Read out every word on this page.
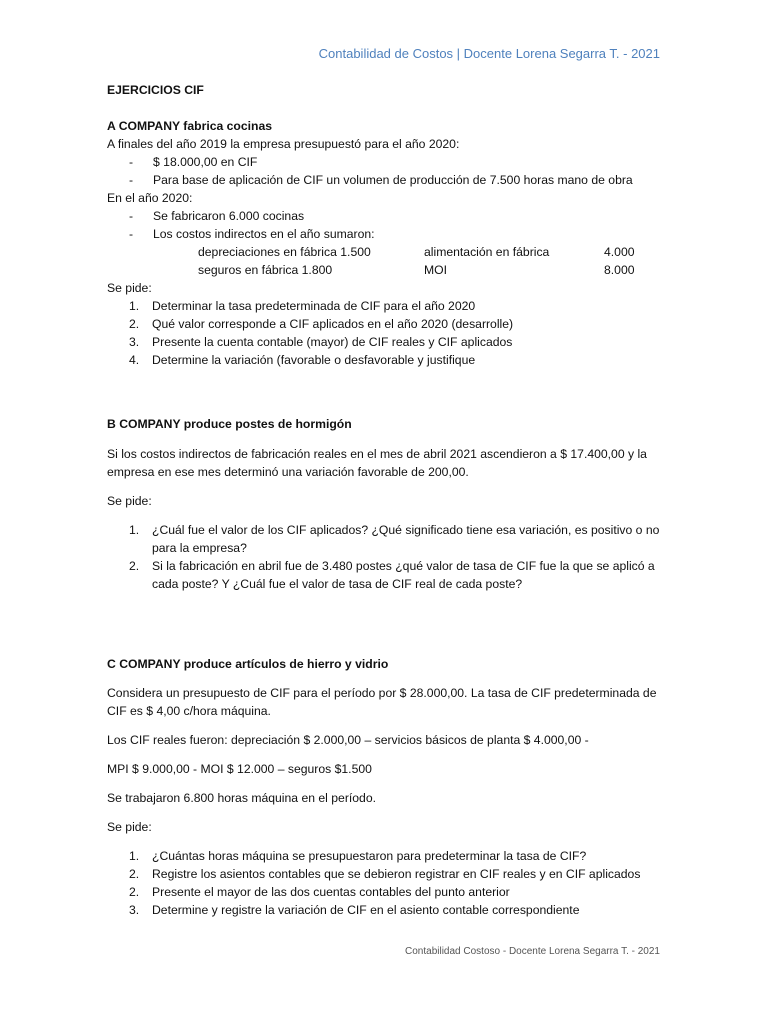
Contabilidad de Costos | Docente Lorena Segarra T. - 2021
EJERCICIOS CIF
A COMPANY fabrica cocinas
A finales del año 2019 la empresa presupuestó para el año 2020:
- $ 18.000,00 en CIF
- Para base de aplicación de CIF un volumen de producción de 7.500 horas mano de obra
En el año 2020:
- Se fabricaron 6.000 cocinas
- Los costos indirectos en el año sumaron:
depreciaciones en fábrica 1.500	alimentación en fábrica	4.000
seguros en fábrica 1.800	MOI	8.000
Se pide:
1.	Determinar la tasa predeterminada de CIF para el año 2020
2.	Qué valor corresponde a CIF aplicados en el año 2020 (desarrolle)
3.	Presente la cuenta contable (mayor) de CIF reales y CIF aplicados
4.	Determine la variación (favorable o desfavorable y justifique
B COMPANY produce postes de hormigón

Si los costos indirectos de fabricación reales en el mes de abril 2021 ascendieron a $ 17.400,00 y la empresa en ese mes determinó una variación favorable de 200,00.

Se pide:
1.	¿Cuál fue el valor de los CIF aplicados? ¿Qué significado tiene esa variación, es positivo o no para la empresa?
2.	Si la fabricación en abril fue de 3.480 postes ¿qué valor de tasa de CIF fue la que se aplicó a cada poste? Y ¿Cuál fue el valor de tasa de CIF real de cada poste?
C COMPANY produce artículos de hierro y vidrio

Considera un presupuesto de CIF para el período por $ 28.000,00. La tasa de CIF predeterminada de CIF es $ 4,00 c/hora máquina.

Los CIF reales fueron: depreciación $ 2.000,00 – servicios básicos de planta $ 4.000,00 -
MPI $ 9.000,00 - MOI $ 12.000 – seguros $1.500
Se trabajaron 6.800 horas máquina en el período.
Se pide:
1.	¿Cuántas horas máquina se presupuestaron para predeterminar la tasa de CIF?
2.	Registre los asientos contables que se debieron registrar en CIF reales y en CIF aplicados
2.	Presente el mayor de las dos cuentas contables del punto anterior
3.	Determine y registre la variación de CIF en el asiento contable correspondiente
Contabilidad Costoso - Docente Lorena Segarra T. - 2021
